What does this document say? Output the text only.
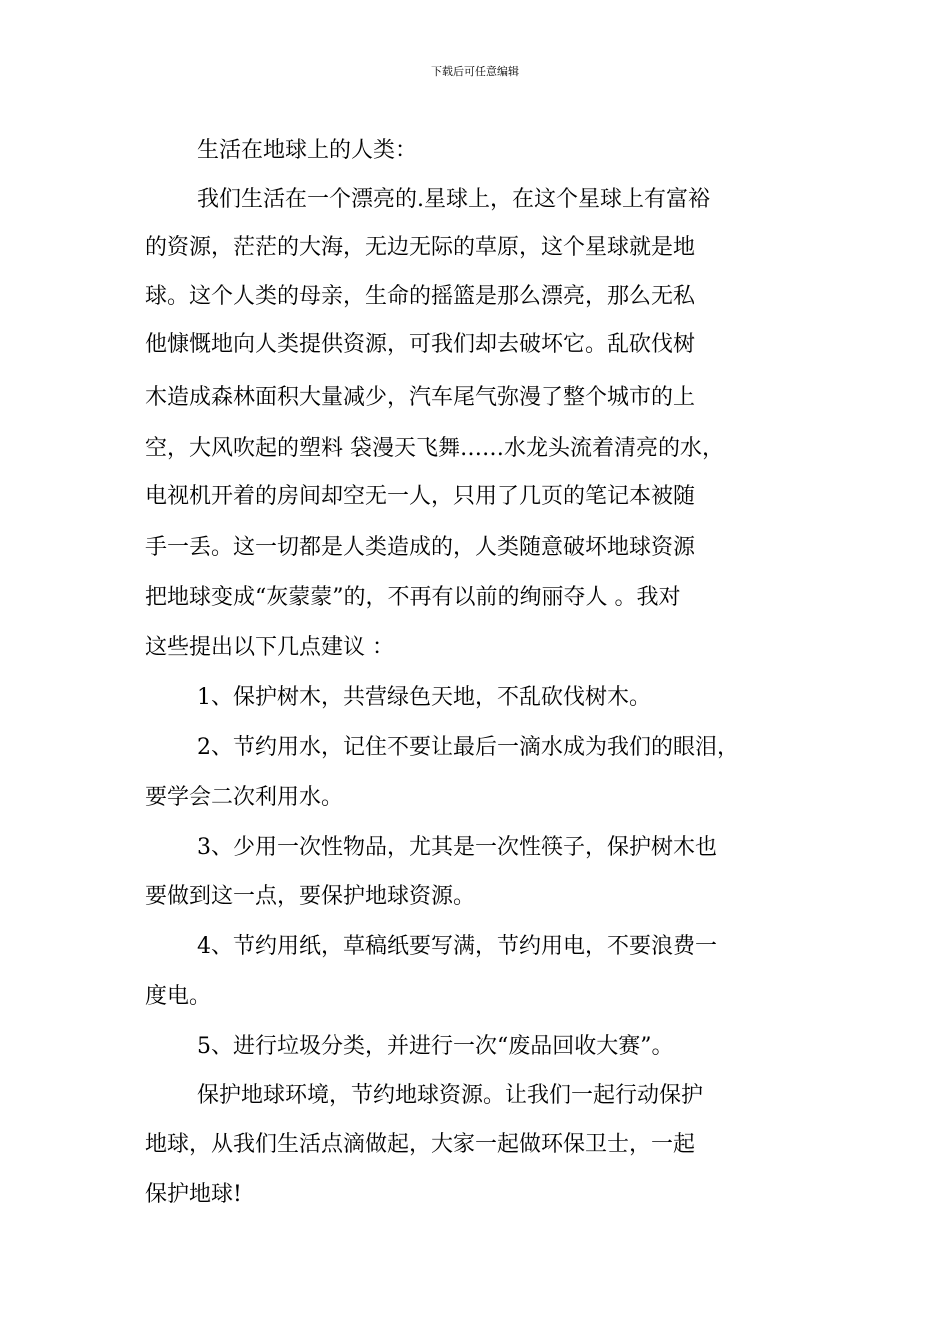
下载后可任意编辑
生活在地球上的人类：
我们生活在一个漂亮的.星球上，在这个星球上有富裕
的资源，茫茫的大海，无边无际的草原，这个星球就是地
球。这个人类的母亲，生命的摇篮是那么漂亮，那么无私
他慷慨地向人类提供资源，可我们却去破坏它。乱砍伐树
木造成森林面积大量减少，汽车尾气弥漫了整个城市的上
空，大风吹起的塑料 袋漫天飞舞……水龙头流着清亮的水，
电视机开着的房间却空无一人，只用了几页的笔记本被随
手一丢。这一切都是人类造成的，人类随意破坏地球资源
把地球变成“灰蒙蒙”的，不再有以前的绚丽夺人 。我对
这些提出以下几点建议 ：
1、保护树木，共营绿色天地，不乱砍伐树木。
2、节约用水，记住不要让最后一滴水成为我们的眼泪，
要学会二次利用水。
3、少用一次性物品，尤其是一次性筷子，保护树木也
要做到这一点，要保护地球资源。
4、节约用纸，草稿纸要写满，节约用电，不要浪费一
度电。
5、进行垃圾分类，并进行一次“废品回收大赛”。
保护地球环境，节约地球资源。让我们一起行动保护
地球，从我们生活点滴做起，大家一起做环保卫士，一起
保护地球!
